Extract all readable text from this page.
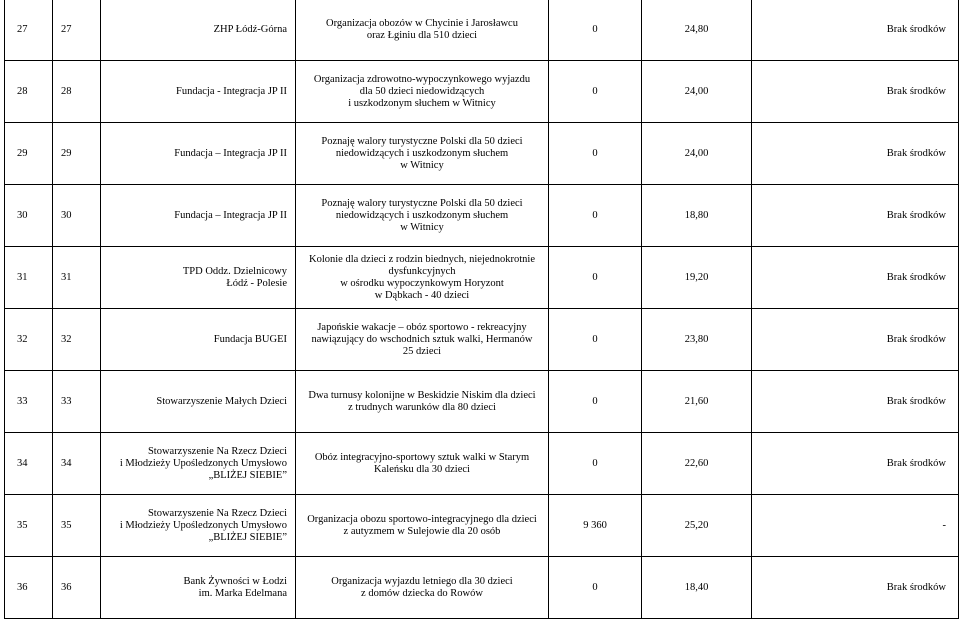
27	27	ZHP Łódź-Górna	Organizacja obozów w Chycinie i Jarosławcu
oraz Łginiu dla 510 dzieci	0	24,80	Brak środków
28	28	Fundacja - Integracja JP II	Organizacja zdrowotno-wypoczynkowego wyjazdu
dla 50 dzieci niedowidzących
i uszkodzonym słuchem w Witnicy	0	24,00	Brak środków
29	29	Fundacja – Integracja JP II	Poznaję walory turystyczne Polski dla 50 dzieci
niedowidzących i uszkodzonym słuchem
w Witnicy	0	24,00	Brak środków
30	30	Fundacja – Integracja JP II	Poznaję walory turystyczne Polski dla 50 dzieci
niedowidzących i uszkodzonym słuchem
w Witnicy	0	18,80	Brak środków
31	31	TPD Oddz. Dzielnicowy
Łódź - Polesie	Kolonie dla dzieci z rodzin biednych, niejednokrotnie
dysfunkcyjnych
w ośrodku wypoczynkowym Horyzont
w Dąbkach - 40 dzieci	0	19,20	Brak środków
32	32	Fundacja BUGEI	Japońskie wakacje – obóz sportowo - rekreacyjny
nawiązujący do wschodnich sztuk walki, Hermanów
25 dzieci	0	23,80	Brak środków
33	33	Stowarzyszenie Małych Dzieci	Dwa turnusy kolonijne w Beskidzie Niskim dla dzieci
z trudnych warunków dla 80 dzieci	0	21,60	Brak środków
34	34	Stowarzyszenie Na Rzecz Dzieci
i Młodzieży Upośledzonych Umysłowo
„BLIŻEJ SIEBIE”	Obóz integracyjno-sportowy sztuk walki w Starym
Kaleńsku dla 30 dzieci	0	22,60	Brak środków
35	35	Stowarzyszenie Na Rzecz Dzieci
i Młodzieży Upośledzonych Umysłowo
„BLIŻEJ SIEBIE”	Organizacja obozu sportowo-integracyjnego dla dzieci
z autyzmem w Sulejowie dla 20 osób	9 360	25,20	-
36	36	Bank Żywności w Łodzi
im. Marka Edelmana	Organizacja wyjazdu letniego dla 30 dzieci
z domów dziecka do Rowów	0	18,40	Brak środków
